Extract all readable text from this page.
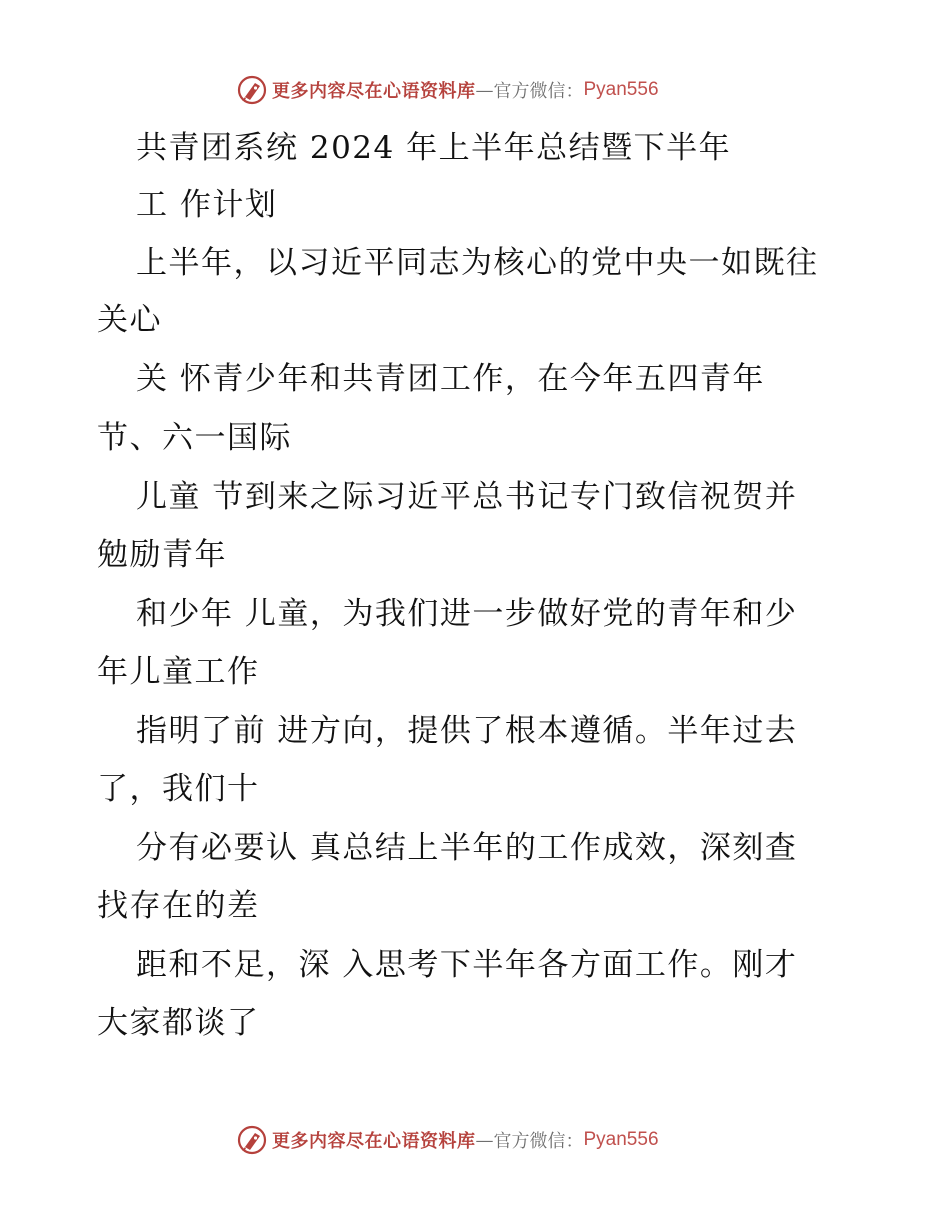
更多内容尽在心语资料库 — 官方微信： Pyan556
共青团系统 2024 年上半年总结暨下半年
工 作计划
上半年，以习近平同志为核心的党中央一如既往
关心
关 怀青少年和共青团工作，在今年五四青年
节、六一国际
儿童 节到来之际习近平总书记专门致信祝贺并
勉励青年
和少年 儿童，为我们进一步做好党的青年和少
年儿童工作
指明了前 进方向，提供了根本遵循。半年过去
了，我们十
分有必要认 真总结上半年的工作成效，深刻查
找存在的差
距和不足，深 入思考下半年各方面工作。刚才
大家都谈了
更多内容尽在心语资料库 — 官方微信： Pyan556
